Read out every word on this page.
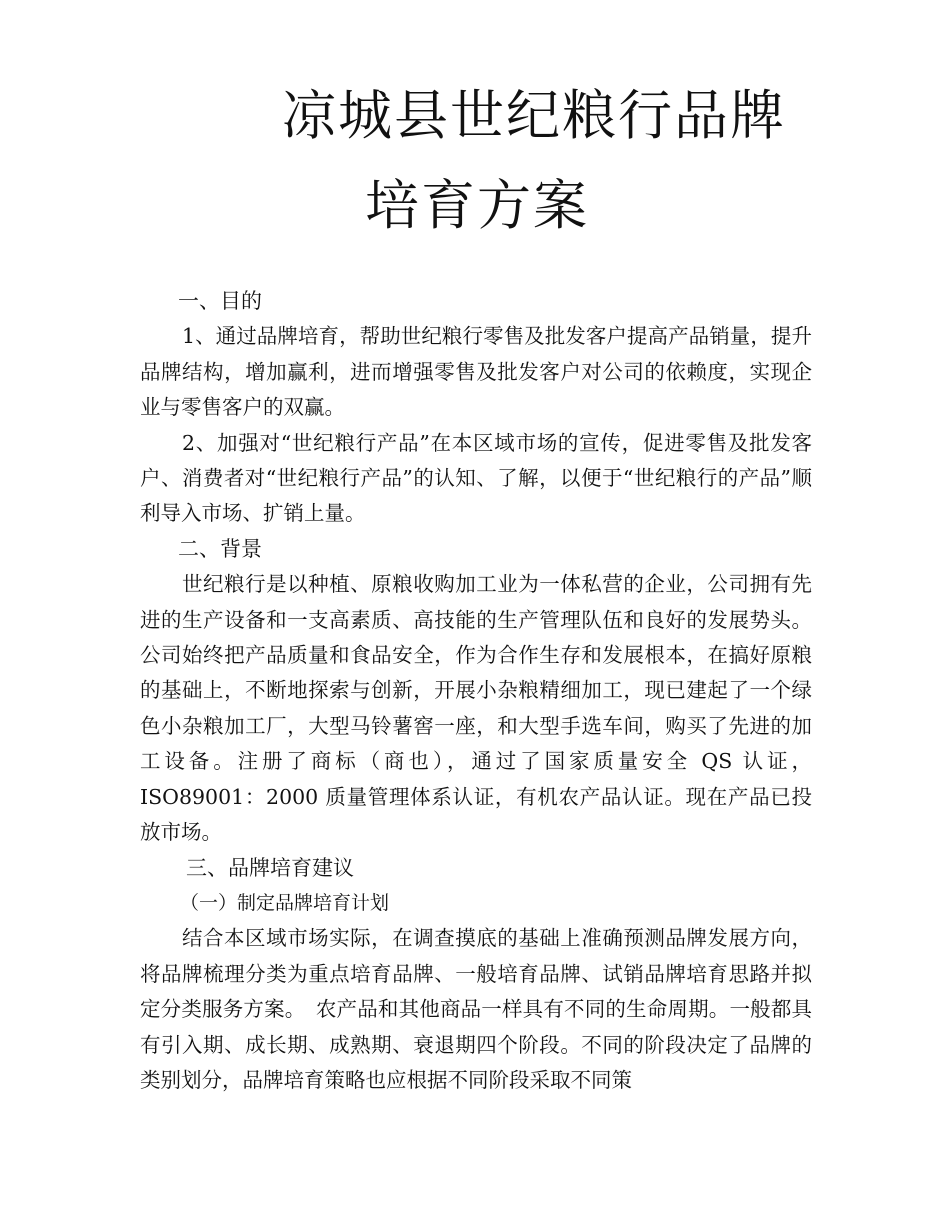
凉城县世纪粮行品牌
培育方案

一、目的

1、通过品牌培育，帮助世纪粮行零售及批发客户提高产品销量，提升品牌结构，增加赢利，进而增强零售及批发客户对公司的依赖度，实现企业与零售客户的双赢。

2、加强对“世纪粮行产品”在本区域市场的宣传，促进零售及批发客户、消费者对“世纪粮行产品”的认知、了解，以便于“世纪粮行的产品”顺利导入市场、扩销上量。

二、背景

世纪粮行是以种植、原粮收购加工业为一体私营的企业，公司拥有先进的生产设备和一支高素质、高技能的生产管理队伍和良好的发展势头。公司始终把产品质量和食品安全，作为合作生存和发展根本，在搞好原粮的基础上，不断地探索与创新，开展小杂粮精细加工，现已建起了一个绿色小杂粮加工厂，大型马铃薯窖一座，和大型手选车间，购买了先进的加工设备。注册了商标（商也），通过了国家质量安全 QS 认证，ISO89001：2000 质量管理体系认证，有机农产品认证。现在产品已投放市场。

三、品牌培育建议

（一）制定品牌培育计划

结合本区域市场实际，在调查摸底的基础上准确预测品牌发展方向，将品牌梳理分类为重点培育品牌、一般培育品牌、试销品牌培育思路并拟定分类服务方案。　农产品和其他商品一样具有不同的生命周期。一般都具有引入期、成长期、成熟期、衰退期四个阶段。不同的阶段决定了品牌的类别划分，品牌培育策略也应根据不同阶段采取不同策
